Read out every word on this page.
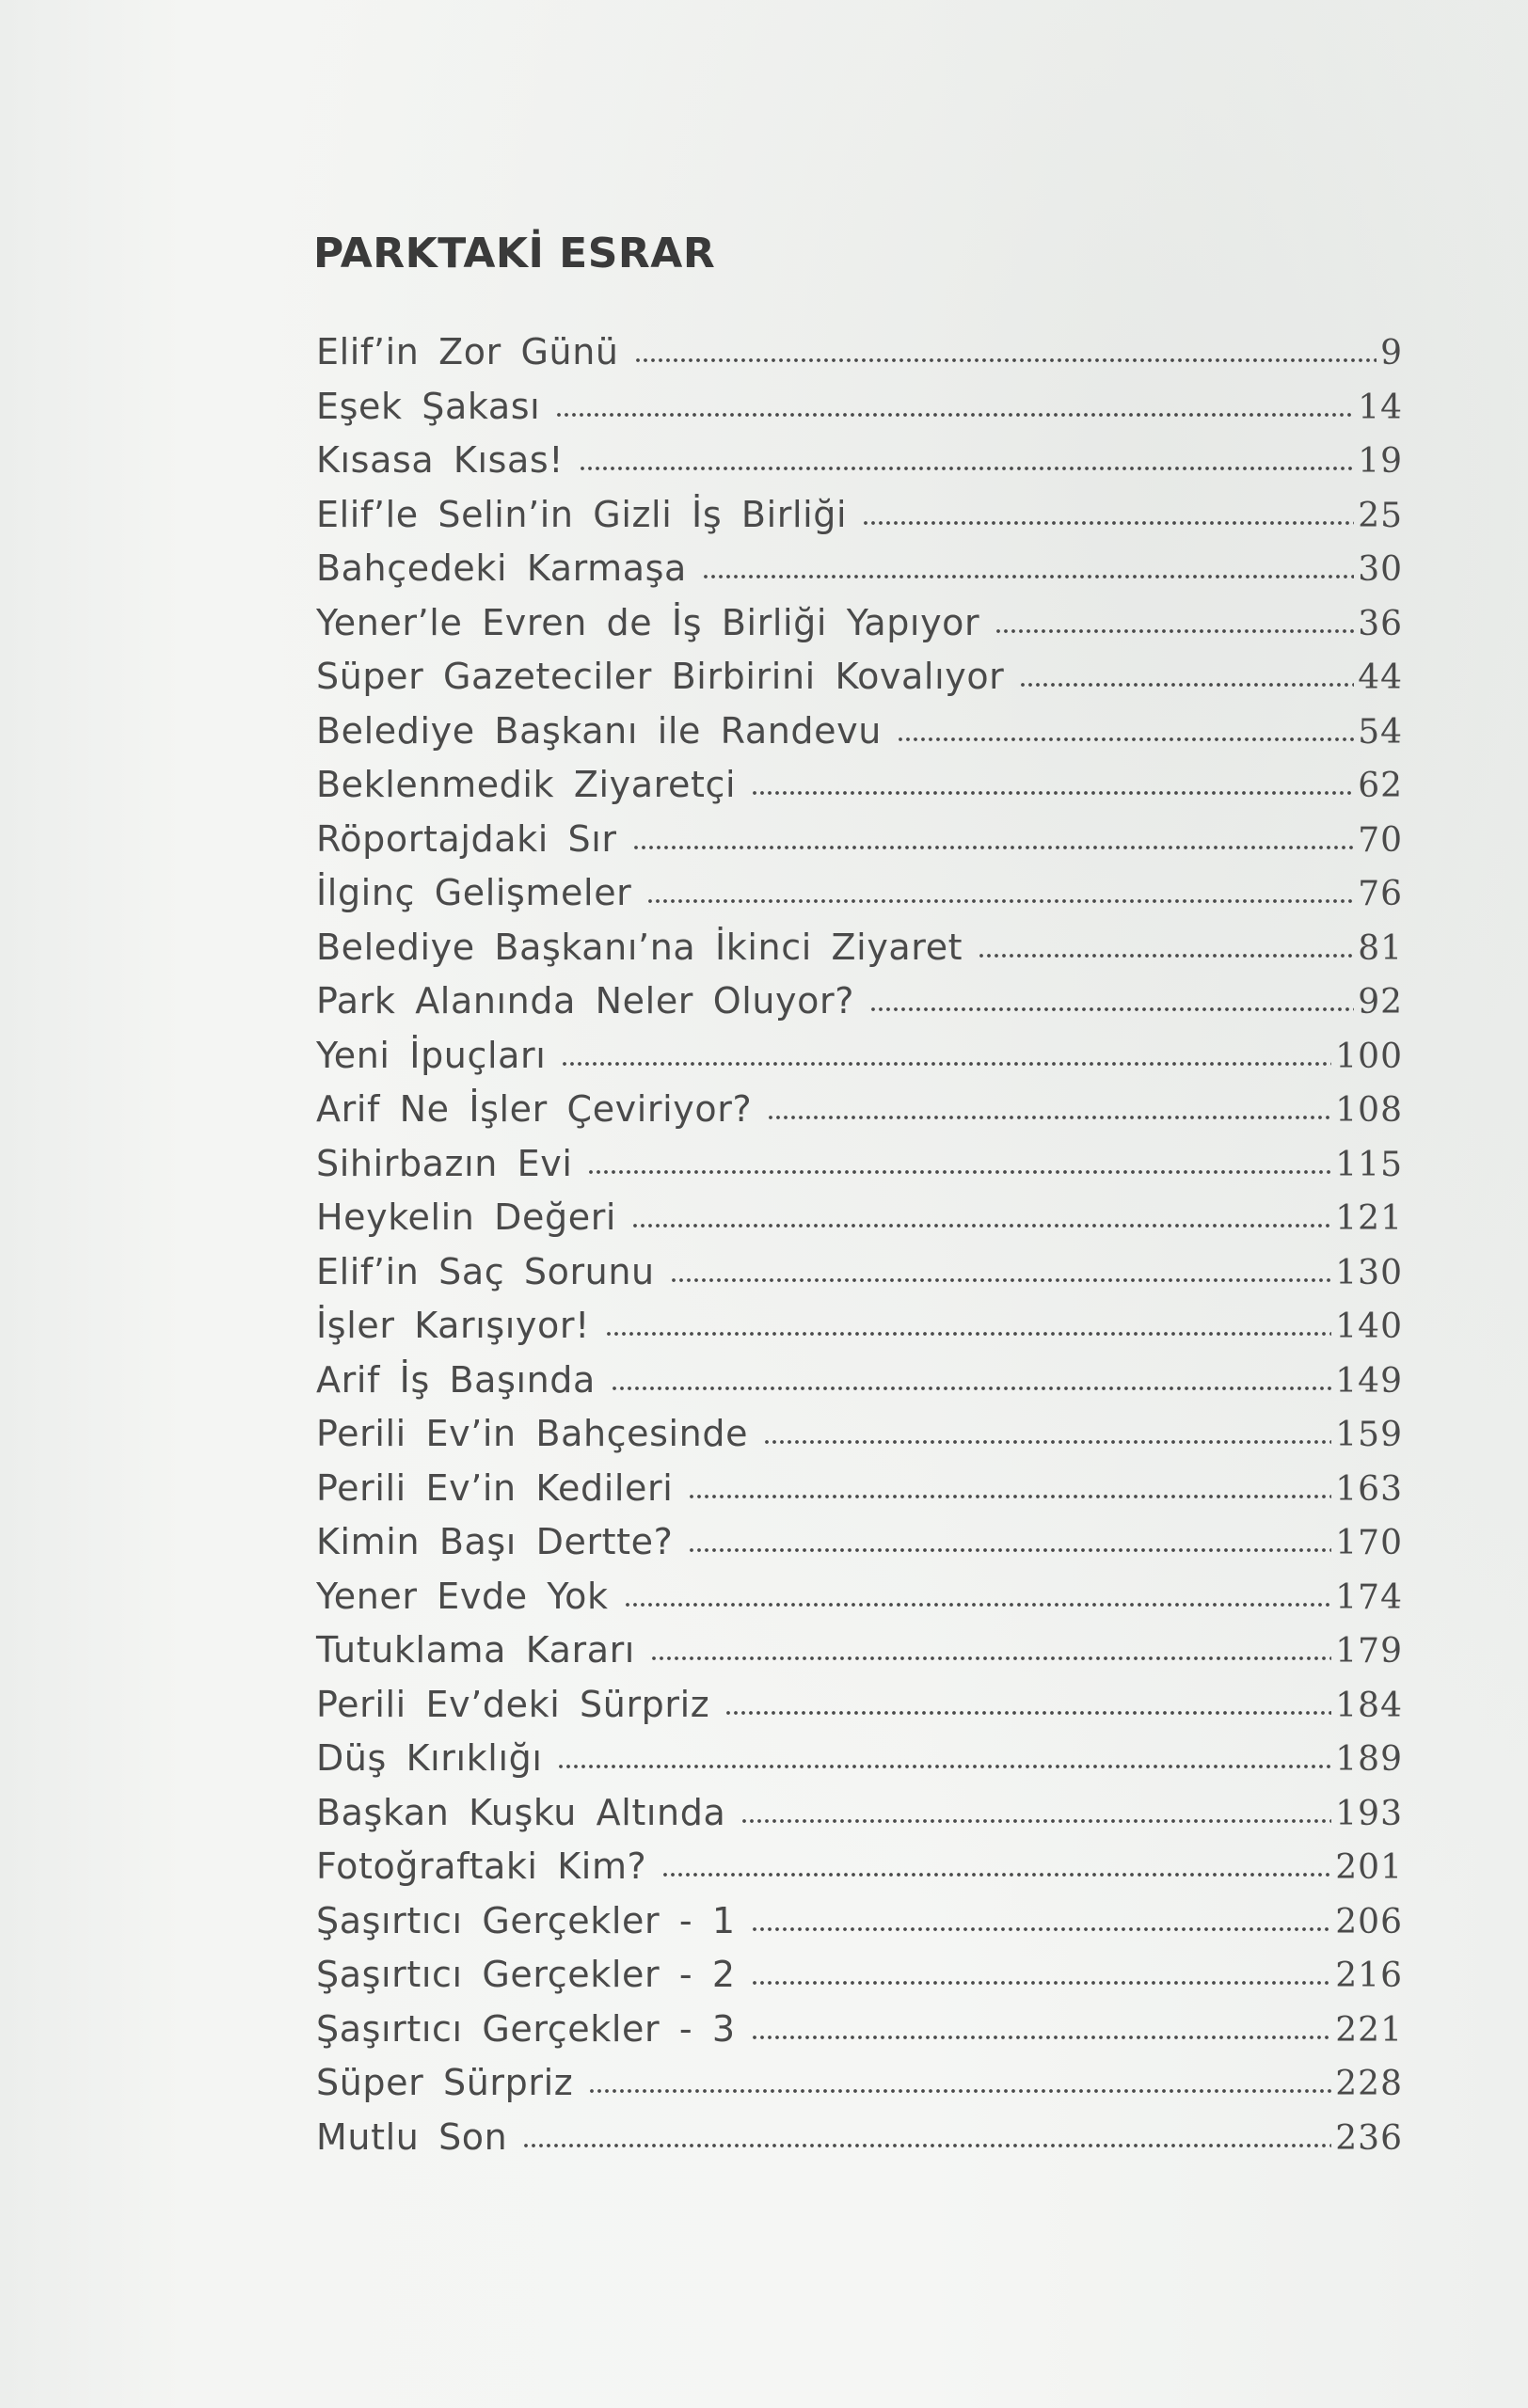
PARKTAKİ ESRAR
Elif’in Zor Günü	9
Eşek Şakası	14
Kısasa Kısas!	19
Elif’le Selin’in Gizli İş Birliği	25
Bahçedeki Karmaşa	30
Yener’le Evren de İş Birliği Yapıyor	36
Süper Gazeteciler Birbirini Kovalıyor	44
Belediye Başkanı ile Randevu	54
Beklenmedik Ziyaretçi	62
Röportajdaki Sır	70
İlginç Gelişmeler	76
Belediye Başkanı’na İkinci Ziyaret	81
Park Alanında Neler Oluyor?	92
Yeni İpuçları	100
Arif Ne İşler Çeviriyor?	108
Sihirbazın Evi	115
Heykelin Değeri	121
Elif’in Saç Sorunu	130
İşler Karışıyor!	140
Arif İş Başında	149
Perili Ev’in Bahçesinde	159
Perili Ev’in Kedileri	163
Kimin Başı Dertte?	170
Yener Evde Yok	174
Tutuklama Kararı	179
Perili Ev’deki Sürpriz	184
Düş Kırıklığı	189
Başkan Kuşku Altında	193
Fotoğraftaki Kim?	201
Şaşırtıcı Gerçekler - 1	206
Şaşırtıcı Gerçekler - 2	216
Şaşırtıcı Gerçekler - 3	221
Süper Sürpriz	228
Mutlu Son	236
